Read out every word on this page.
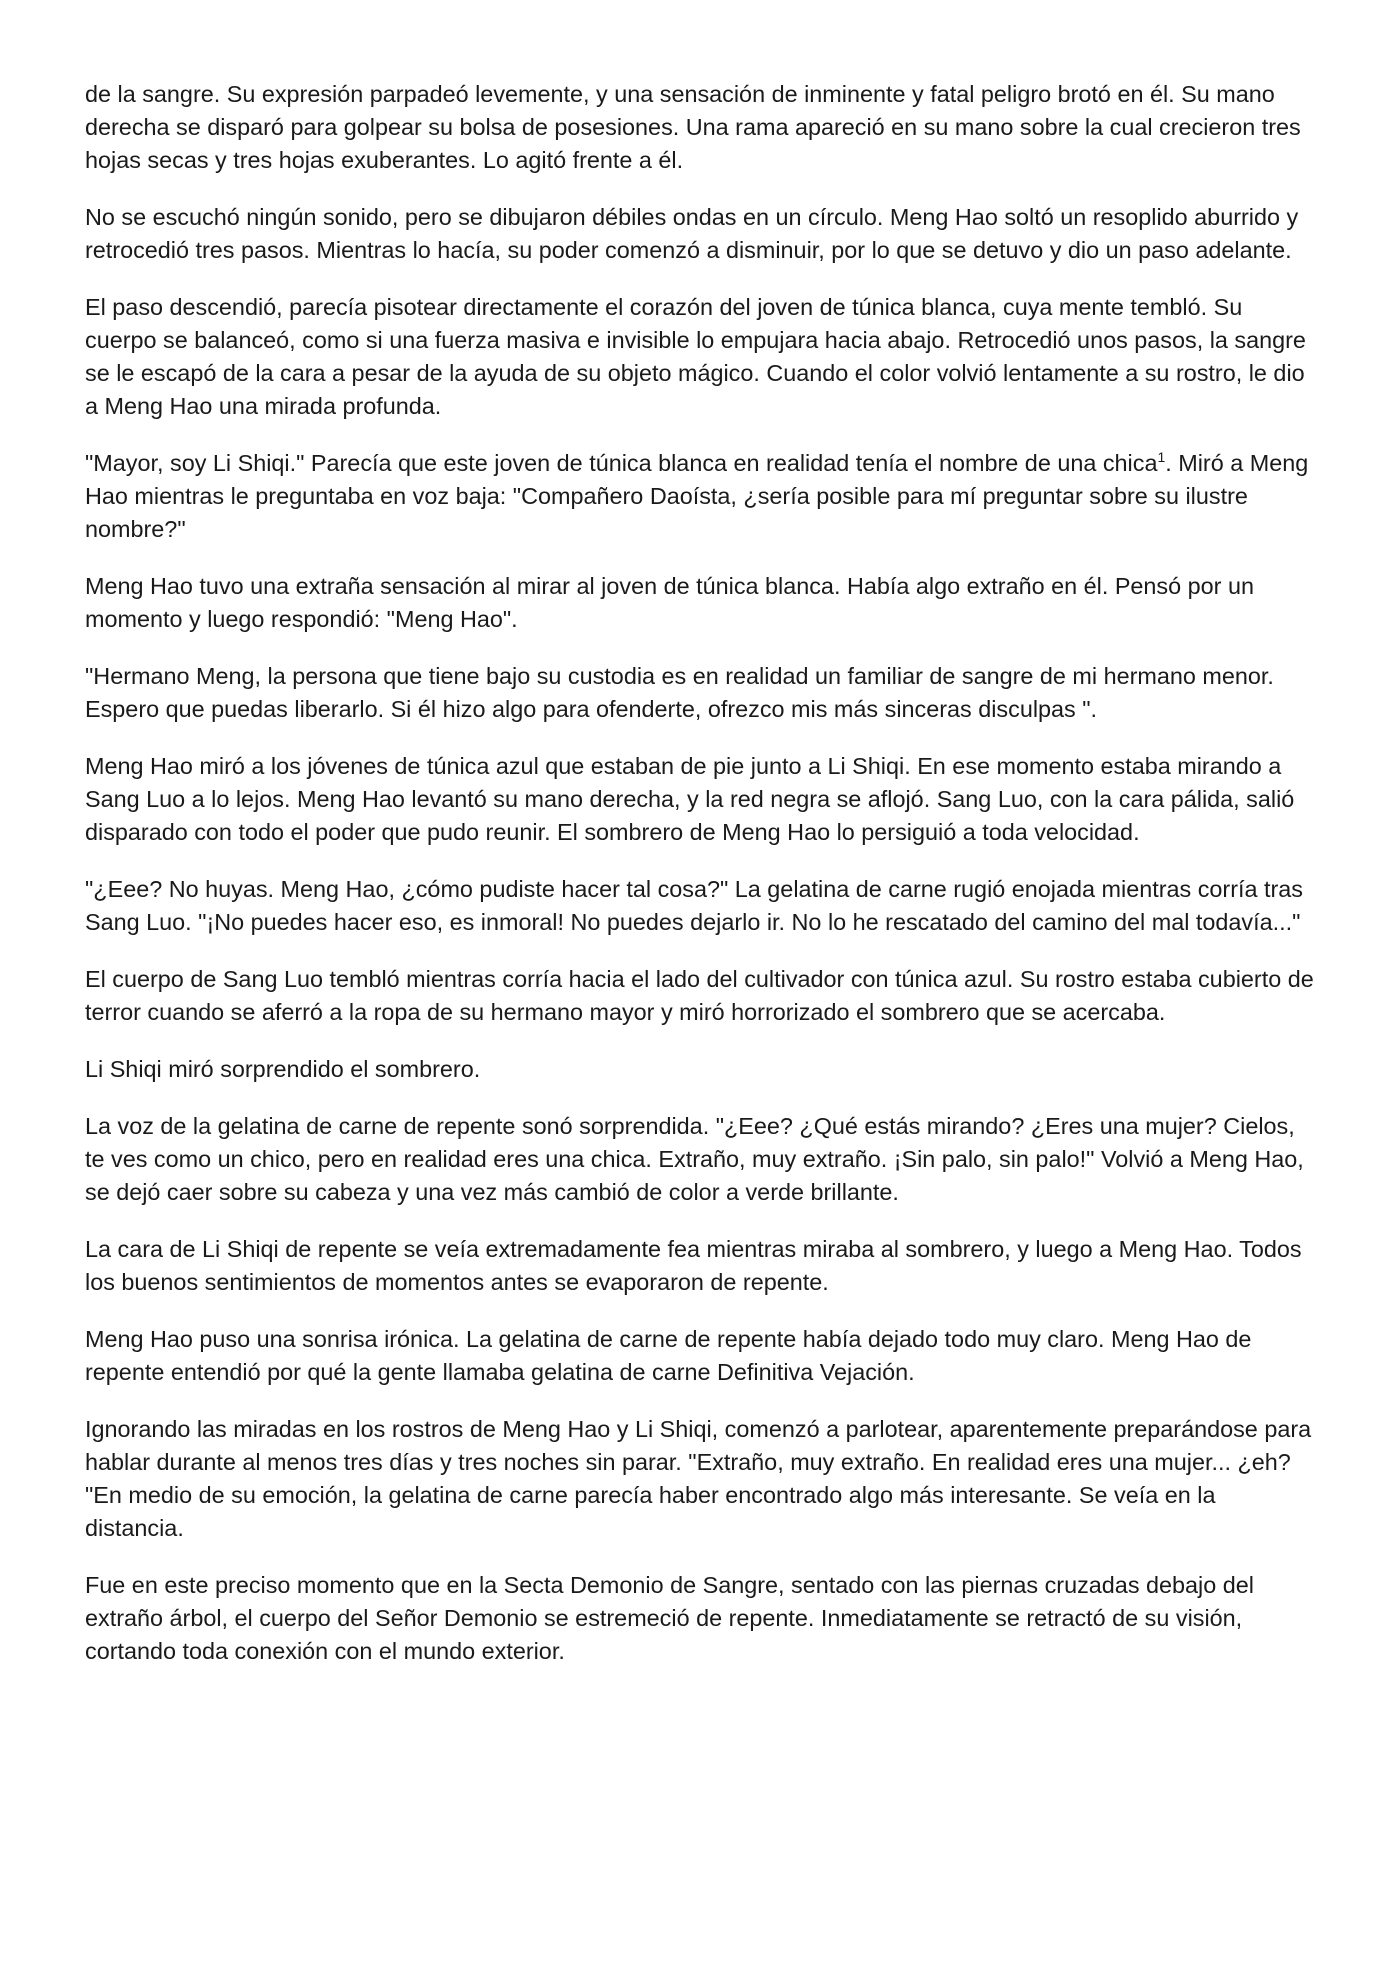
de la sangre. Su expresión parpadeó levemente, y una sensación de inminente y fatal peligro brotó en él. Su mano derecha se disparó para golpear su bolsa de posesiones. Una rama apareció en su mano sobre la cual crecieron tres hojas secas y tres hojas exuberantes. Lo agitó frente a él.

No se escuchó ningún sonido, pero se dibujaron débiles ondas en un círculo. Meng Hao soltó un resoplido aburrido y retrocedió tres pasos. Mientras lo hacía, su poder comenzó a disminuir, por lo que se detuvo y dio un paso adelante.

El paso descendió, parecía pisotear directamente el corazón del joven de túnica blanca, cuya mente tembló. Su cuerpo se balanceó, como si una fuerza masiva e invisible lo empujara hacia abajo. Retrocedió unos pasos, la sangre se le escapó de la cara a pesar de la ayuda de su objeto mágico. Cuando el color volvió lentamente a su rostro, le dio a Meng Hao una mirada profunda.

"Mayor, soy Li Shiqi." Parecía que este joven de túnica blanca en realidad tenía el nombre de una chica$^1$. Miró a Meng Hao mientras le preguntaba en voz baja: "Compañero Daoísta, ¿sería posible para mí preguntar sobre su ilustre nombre?"

Meng Hao tuvo una extraña sensación al mirar al joven de túnica blanca. Había algo extraño en él. Pensó por un momento y luego respondió: "Meng Hao".

"Hermano Meng, la persona que tiene bajo su custodia es en realidad un familiar de sangre de mi hermano menor. Espero que puedas liberarlo. Si él hizo algo para ofenderte, ofrezco mis más sinceras disculpas ".

Meng Hao miró a los jóvenes de túnica azul que estaban de pie junto a Li Shiqi. En ese momento estaba mirando a Sang Luo a lo lejos. Meng Hao levantó su mano derecha, y la red negra se aflojó. Sang Luo, con la cara pálida, salió disparado con todo el poder que pudo reunir. El sombrero de Meng Hao lo persiguió a toda velocidad.

"¿Eee? No huyas. Meng Hao, ¿cómo pudiste hacer tal cosa?" La gelatina de carne rugió enojada mientras corría tras Sang Luo. "¡No puedes hacer eso, es inmoral! No puedes dejarlo ir. No lo he rescatado del camino del mal todavía..."

El cuerpo de Sang Luo tembló mientras corría hacia el lado del cultivador con túnica azul. Su rostro estaba cubierto de terror cuando se aferró a la ropa de su hermano mayor y miró horrorizado el sombrero que se acercaba.

Li Shiqi miró sorprendido el sombrero.

La voz de la gelatina de carne de repente sonó sorprendida. "¿Eee? ¿Qué estás mirando? ¿Eres una mujer? Cielos, te ves como un chico, pero en realidad eres una chica. Extraño, muy extraño. ¡Sin palo, sin palo!" Volvió a Meng Hao, se dejó caer sobre su cabeza y una vez más cambió de color a verde brillante.

La cara de Li Shiqi de repente se veía extremadamente fea mientras miraba al sombrero, y luego a Meng Hao. Todos los buenos sentimientos de momentos antes se evaporaron de repente.

Meng Hao puso una sonrisa irónica. La gelatina de carne de repente había dejado todo muy claro. Meng Hao de repente entendió por qué la gente llamaba gelatina de carne Definitiva Vejación.

Ignorando las miradas en los rostros de Meng Hao y Li Shiqi, comenzó a parlotear, aparentemente preparándose para hablar durante al menos tres días y tres noches sin parar. "Extraño, muy extraño. En realidad eres una mujer... ¿eh? "En medio de su emoción, la gelatina de carne parecía haber encontrado algo más interesante. Se veía en la distancia.

Fue en este preciso momento que en la Secta Demonio de Sangre, sentado con las piernas cruzadas debajo del extraño árbol, el cuerpo del Señor Demonio se estremeció de repente. Inmediatamente se retractó de su visión, cortando toda conexión con el mundo exterior.
